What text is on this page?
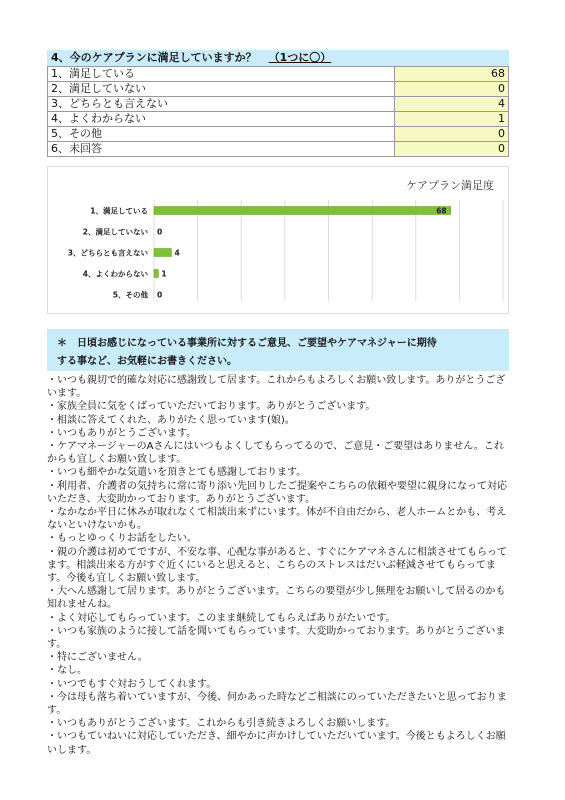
4、今のケアプランに満足していますか？ （1つに〇）
1、満足している	68
2、満足していない	0
3、どちらとも言えない	4
4、よくわからない	1
5、その他	0
6、未回答	0
ケアプラン満足度
1、満足している	68
2、満足していない 0
3、どちらとも言えない	4
4、よくわからない 1
5、その他 0
＊　日頃お感じになっている事業所に対するご意見、ご要望やケアマネジャーに期待
する事など、お気軽にお書きください。

・いつも親切で的確な対応に感謝致して居ます。これからもよろしくお願い致します。ありがとうございます。

・家族全員に気をくばっていただいております。ありがとうございます。

・相談に答えてくれた、ありがたく思っています(娘)。

・いつもありがとうございます。

・ケアマネージャーのAさんにはいつもよくしてもらってるので、ご意見・ご要望はありません。これからも宜しくお願い致します。

・いつも細やかな気遣いを頂きとても感謝しております。

・利用者、介護者の気持ちに常に寄り添い先回りしたご提案やこちらの依頼や要望に親身になって対応いただき、大変助かっております。ありがとうございます。

・なかなか平日に休みが取れなくて相談出来ずにいます。体が不自由だから、老人ホームとかも、考えないといけないかも。

・もっとゆっくりお話をしたい。

・親の介護は初めてですが、不安な事、心配な事があると、すぐにケアマネさんに相談させてもらってます。相談出来る方がすぐ近くにいると思えると、こちらのストレスはだいぶ軽減させてもらってます。今後も宜しくお願い致します。

・大へん感謝して居ります。ありがとうございます。こちらの要望が少し無理をお願いして居るのかも知れませんね。

・よく対応してもらっています。このまま継続してもらえばありがたいです。

・いつも家族のように接して話を聞いてもらっています。大変助かっております。ありがとうございます。

・特にございません。

・なし。

・いつでもすぐ対おうしてくれます。

・今は母も落ち着いていますが、今後、何かあった時などご相談にのっていただきたいと思っております。

・いつもありがとうございます。これからも引き続きよろしくお願いします。

・いつもていねいに対応していただき、細やかに声かけしていただいています。今後ともよろしくお願いします。
